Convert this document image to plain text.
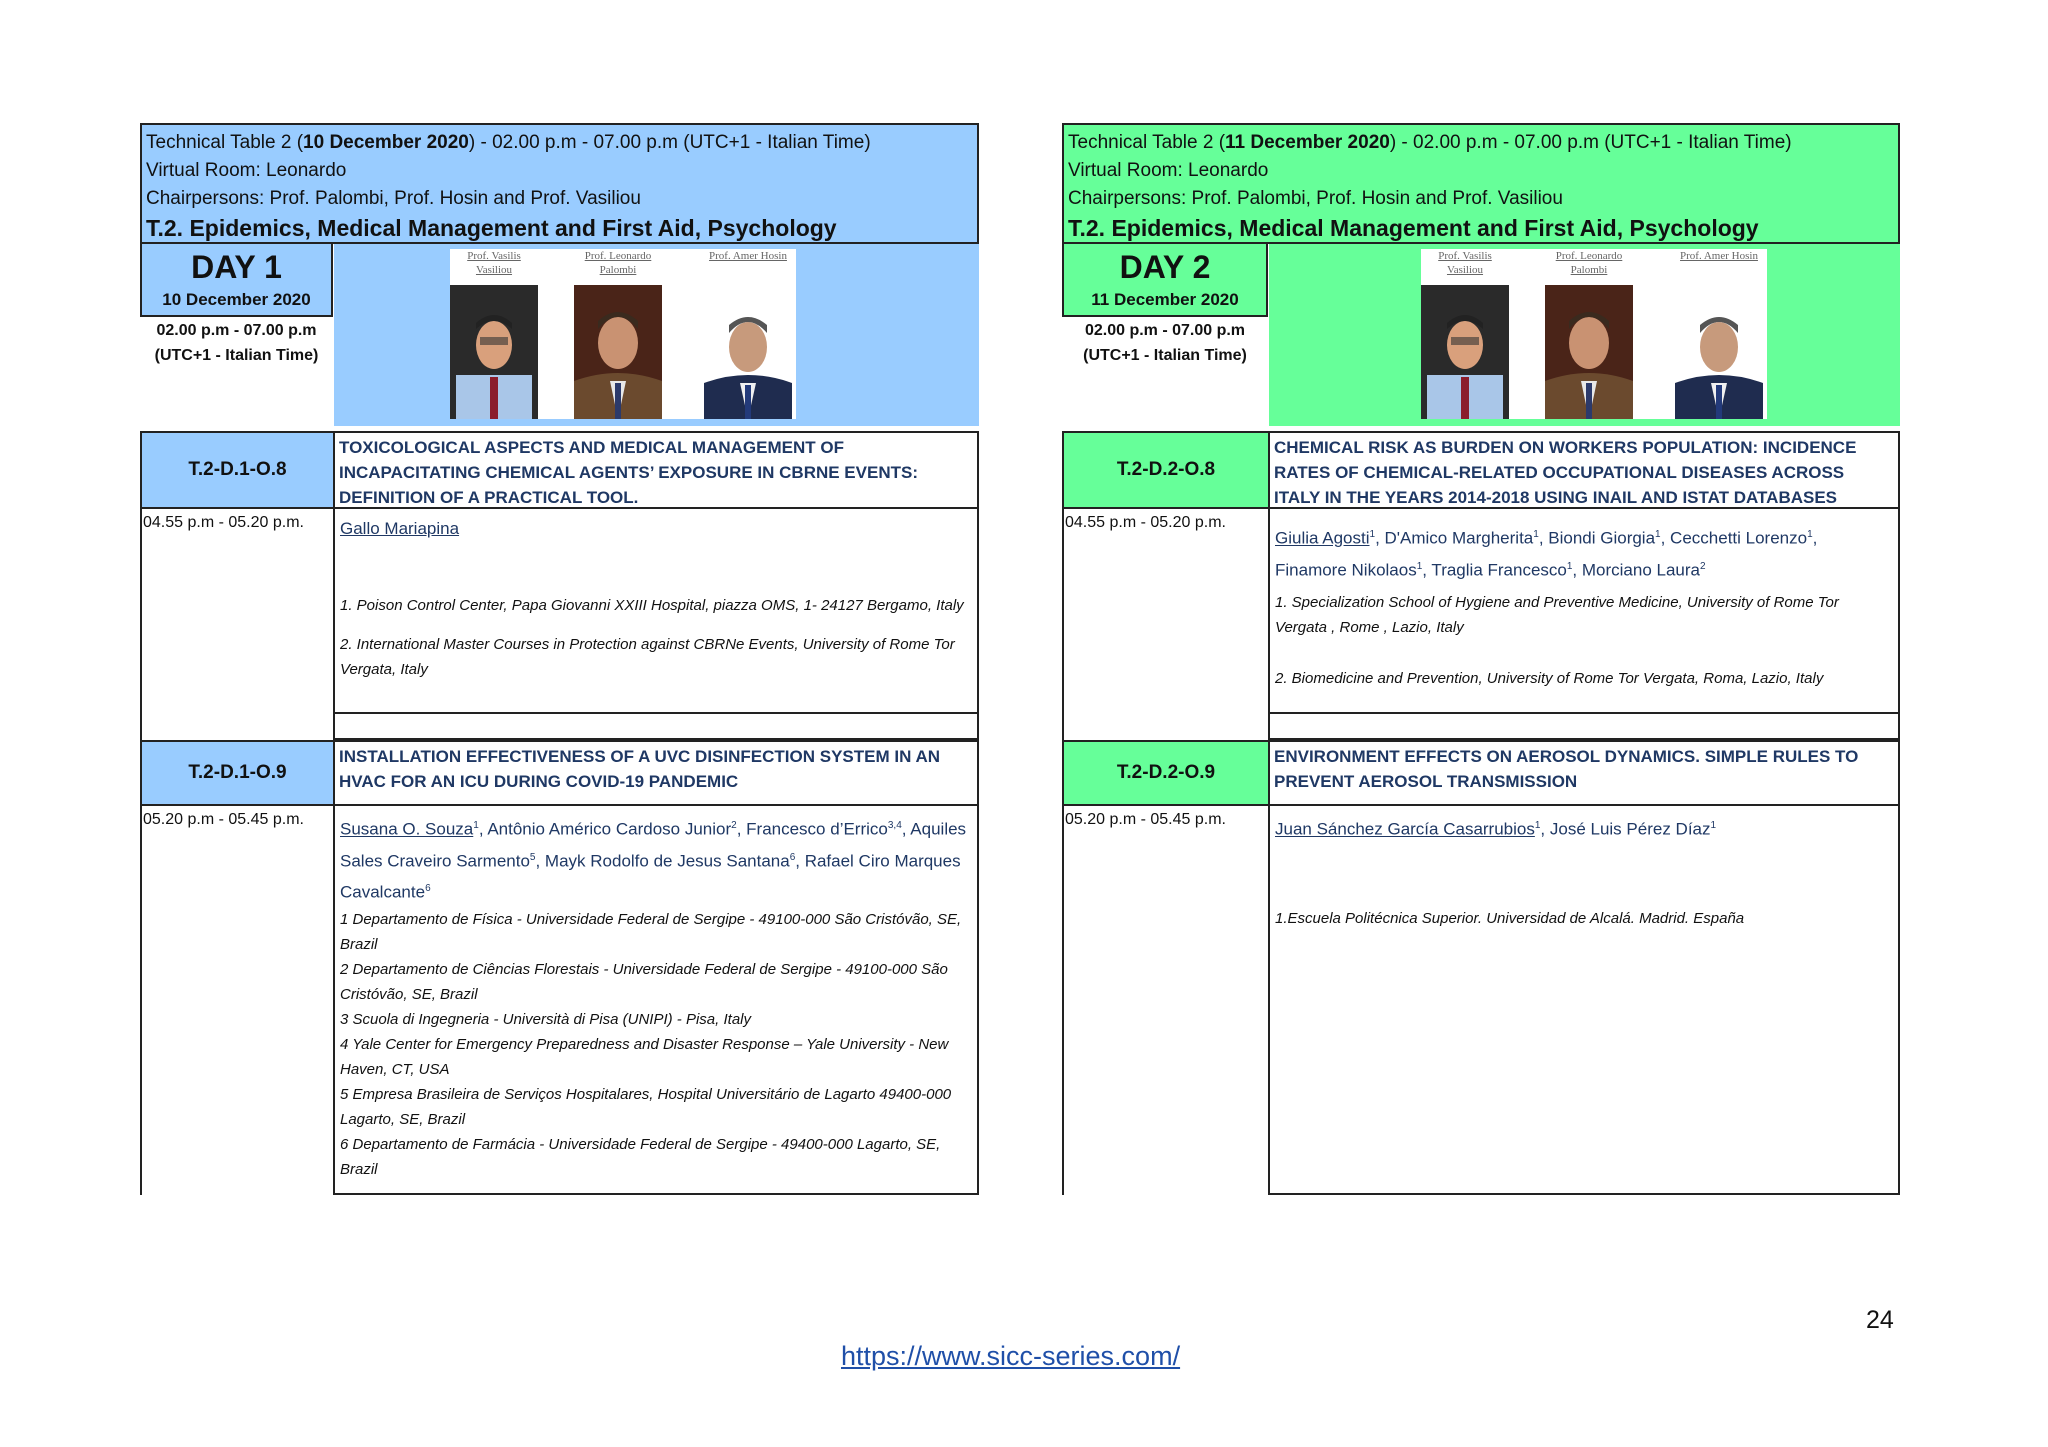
Technical Table 2 (10 December 2020) - 02.00 p.m - 07.00 p.m (UTC+1 - Italian Time)
Virtual Room: Leonardo
Chairpersons: Prof. Palombi, Prof. Hosin and Prof. Vasiliou
T.2. Epidemics, Medical Management and First Aid, Psychology
DAY 1
10 December 2020
02.00 p.m - 07.00 p.m
(UTC+1 - Italian Time)
Prof. Vasilis Vasiliou
Prof. Leonardo Palombi
Prof. Amer Hosin
T.2-D.1-O.8
TOXICOLOGICAL ASPECTS AND MEDICAL MANAGEMENT OF INCAPACITATING CHEMICAL AGENTS’ EXPOSURE IN CBRNE EVENTS: DEFINITION OF A PRACTICAL TOOL.
04.55 p.m - 05.20 p.m. Gallo Mariapina
1. Poison Control Center, Papa Giovanni XXIII Hospital, piazza OMS, 1- 24127 Bergamo, Italy
2. International Master Courses in Protection against CBRNe Events, University of Rome Tor Vergata, Italy
T.2-D.1-O.9
INSTALLATION EFFECTIVENESS OF A UVC DISINFECTION SYSTEM IN AN HVAC FOR AN ICU DURING COVID-19 PANDEMIC
05.20 p.m - 05.45 p.m.
Susana O. Souza$^1$, Antônio Américo Cardoso Junior$^2$, Francesco d’Errico$^{3,4}$, Aquiles Sales Craveiro Sarmento$^5$, Mayk Rodolfo de Jesus Santana$^6$, Rafael Ciro Marques Cavalcante$^6$
1 Departamento de Física - Universidade Federal de Sergipe - 49100-000 São Cristóvão, SE, Brazil
2 Departamento de Ciências Florestais - Universidade Federal de Sergipe - 49100-000 São Cristóvão, SE, Brazil
3 Scuola di Ingegneria - Università di Pisa (UNIPI) - Pisa, Italy
4 Yale Center for Emergency Preparedness and Disaster Response – Yale University - New Haven, CT, USA
5 Empresa Brasileira de Serviços Hospitalares, Hospital Universitário de Lagarto 49400-000 Lagarto, SE, Brazil
6 Departamento de Farmácia - Universidade Federal de Sergipe - 49400-000 Lagarto, SE, Brazil
Technical Table 2 (11 December 2020) - 02.00 p.m - 07.00 p.m (UTC+1 - Italian Time)
Virtual Room: Leonardo
Chairpersons: Prof. Palombi, Prof. Hosin and Prof. Vasiliou
T.2. Epidemics, Medical Management and First Aid, Psychology
DAY 2
11 December 2020
02.00 p.m - 07.00 p.m
(UTC+1 - Italian Time)
Prof. Vasilis Vasiliou
Prof. Leonardo Palombi
Prof. Amer Hosin
T.2-D.2-O.8
CHEMICAL RISK AS BURDEN ON WORKERS POPULATION: INCIDENCE RATES OF CHEMICAL-RELATED OCCUPATIONAL DISEASES ACROSS ITALY IN THE YEARS 2014-2018 USING INAIL AND ISTAT DATABASES
04.55 p.m - 05.20 p.m.
Giulia Agosti$^1$, D'Amico Margherita$^1$, Biondi Giorgia$^1$, Cecchetti Lorenzo$^1$, Finamore Nikolaos$^1$, Traglia Francesco$^1$, Morciano Laura$^2$
1. Specialization School of Hygiene and Preventive Medicine, University of Rome Tor Vergata , Rome , Lazio, Italy
2. Biomedicine and Prevention, University of Rome Tor Vergata, Roma, Lazio, Italy
T.2-D.2-O.9
ENVIRONMENT EFFECTS ON AEROSOL DYNAMICS. SIMPLE RULES TO PREVENT AEROSOL TRANSMISSION
05.20 p.m - 05.45 p.m.
Juan Sánchez García Casarrubios$^1$, José Luis Pérez Díaz$^1$
1.Escuela Politécnica Superior. Universidad de Alcalá. Madrid. España
24
https://www.sicc-series.com/
